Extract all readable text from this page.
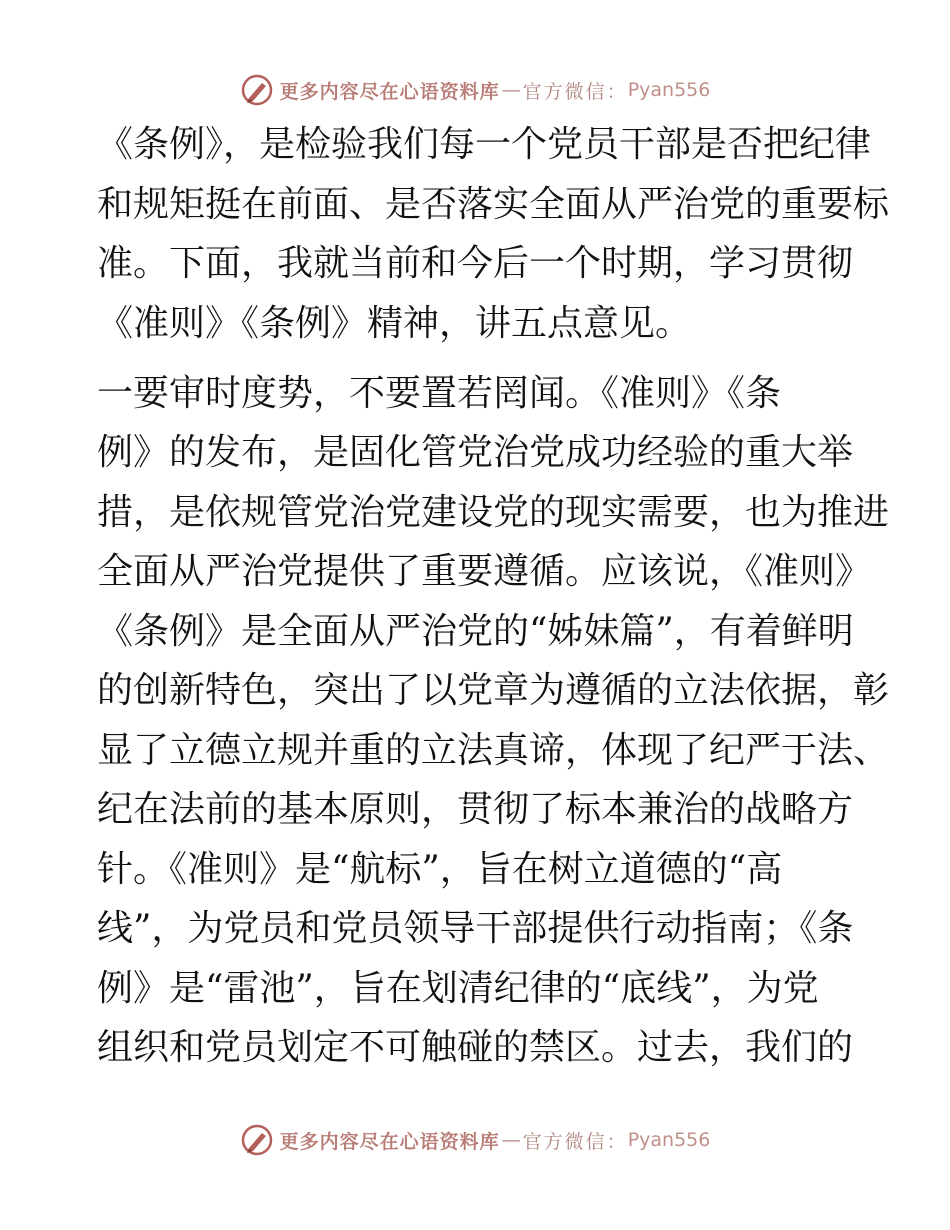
更多内容尽在心语资料库 — 官方微信： Pyan556
《条例》，是检验我们每一个党员干部是否把纪律
和规矩挺在前面、是否落实全面从严治党的重要标
准。下面，我就当前和今后一个时期，学习贯彻
《准则》《条例》精神，讲五点意见。
一要审时度势，不要置若罔闻。《准则》《条
例》的发布，是固化管党治党成功经验的重大举
措，是依规管党治党建设党的现实需要，也为推进
全面从严治党提供了重要遵循。应该说，《准则》
《条例》是全面从严治党的“姊妹篇”，有着鲜明
的创新特色，突出了以党章为遵循的立法依据，彰
显了立德立规并重的立法真谛，体现了纪严于法、
纪在法前的基本原则，贯彻了标本兼治的战略方
针。《准则》是“航标”，旨在树立道德的“高
线”，为党员和党员领导干部提供行动指南；《条
例》是“雷池”，旨在划清纪律的“底线”，为党
组织和党员划定不可触碰的禁区。过去，我们的
更多内容尽在心语资料库 — 官方微信： Pyan556
